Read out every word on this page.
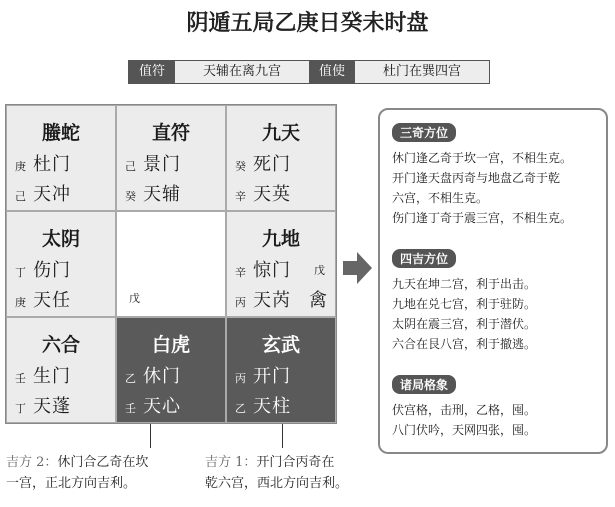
阴遁五局乙庚日癸未时盘
值符	天辅在离九宫	值使	杜门在巽四宫
螣蛇
庚 杜门
己 天冲
直符
己 景门
癸 天辅
九天
癸 死门
辛 天英
太阴
丁 伤门
庚 天任	戊
九地
辛 惊门 戊
丙 天芮 禽
六合
壬 生门
丁 天蓬
白虎
乙 休门
壬 天心
玄武
丙 开门
乙 天柱
吉方 2：休门合乙奇在坎
一宫，正北方向吉利。
吉方 1：开门合丙奇在
乾六宫，西北方向吉利。
三奇方位
休门逢乙奇于坎一宫，不相生克。
开门逢天盘丙奇与地盘乙奇于乾
六宫，不相生克。
伤门逢丁奇于震三宫，不相生克。
四吉方位
九天在坤二宫，利于出击。
九地在兑七宫，利于驻防。
太阴在震三宫，利于潜伏。
六合在艮八宫，利于撤逃。
诸局格象
伏宫格，击刑，乙格，囤。
八门伏吟，天网四张，囤。
